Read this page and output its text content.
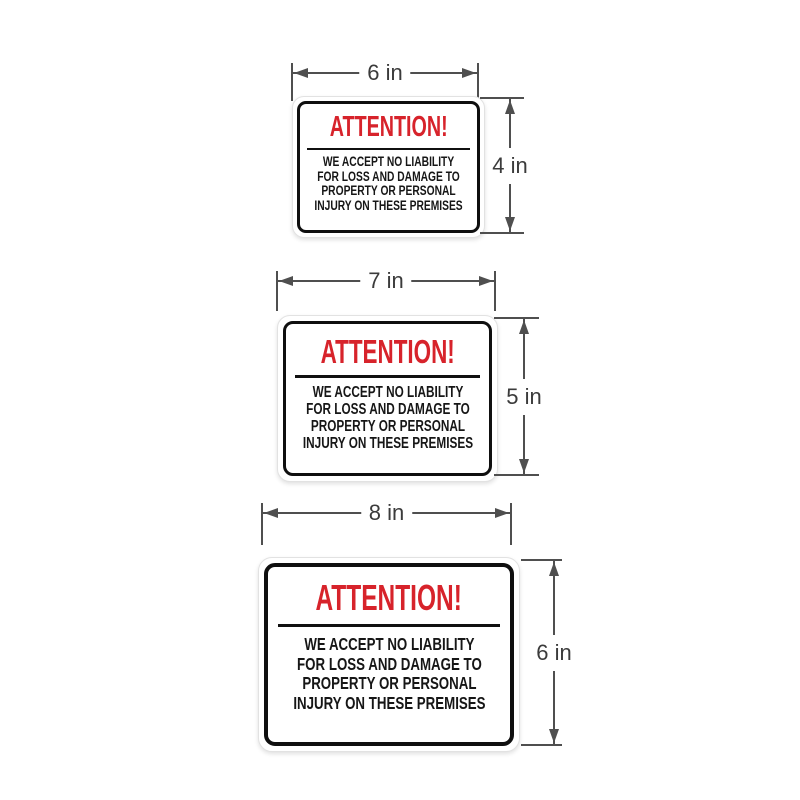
6 in
ATTENTION!
WE ACCEPT NO LIABILITY
FOR LOSS AND DAMAGE TO
PROPERTY OR PERSONAL
INJURY ON THESE PREMISES
4 in
7 in
ATTENTION!
WE ACCEPT NO LIABILITY
FOR LOSS AND DAMAGE TO
PROPERTY OR PERSONAL
INJURY ON THESE PREMISES
5 in
8 in
ATTENTION!
WE ACCEPT NO LIABILITY
FOR LOSS AND DAMAGE TO
PROPERTY OR PERSONAL
INJURY ON THESE PREMISES
6 in
